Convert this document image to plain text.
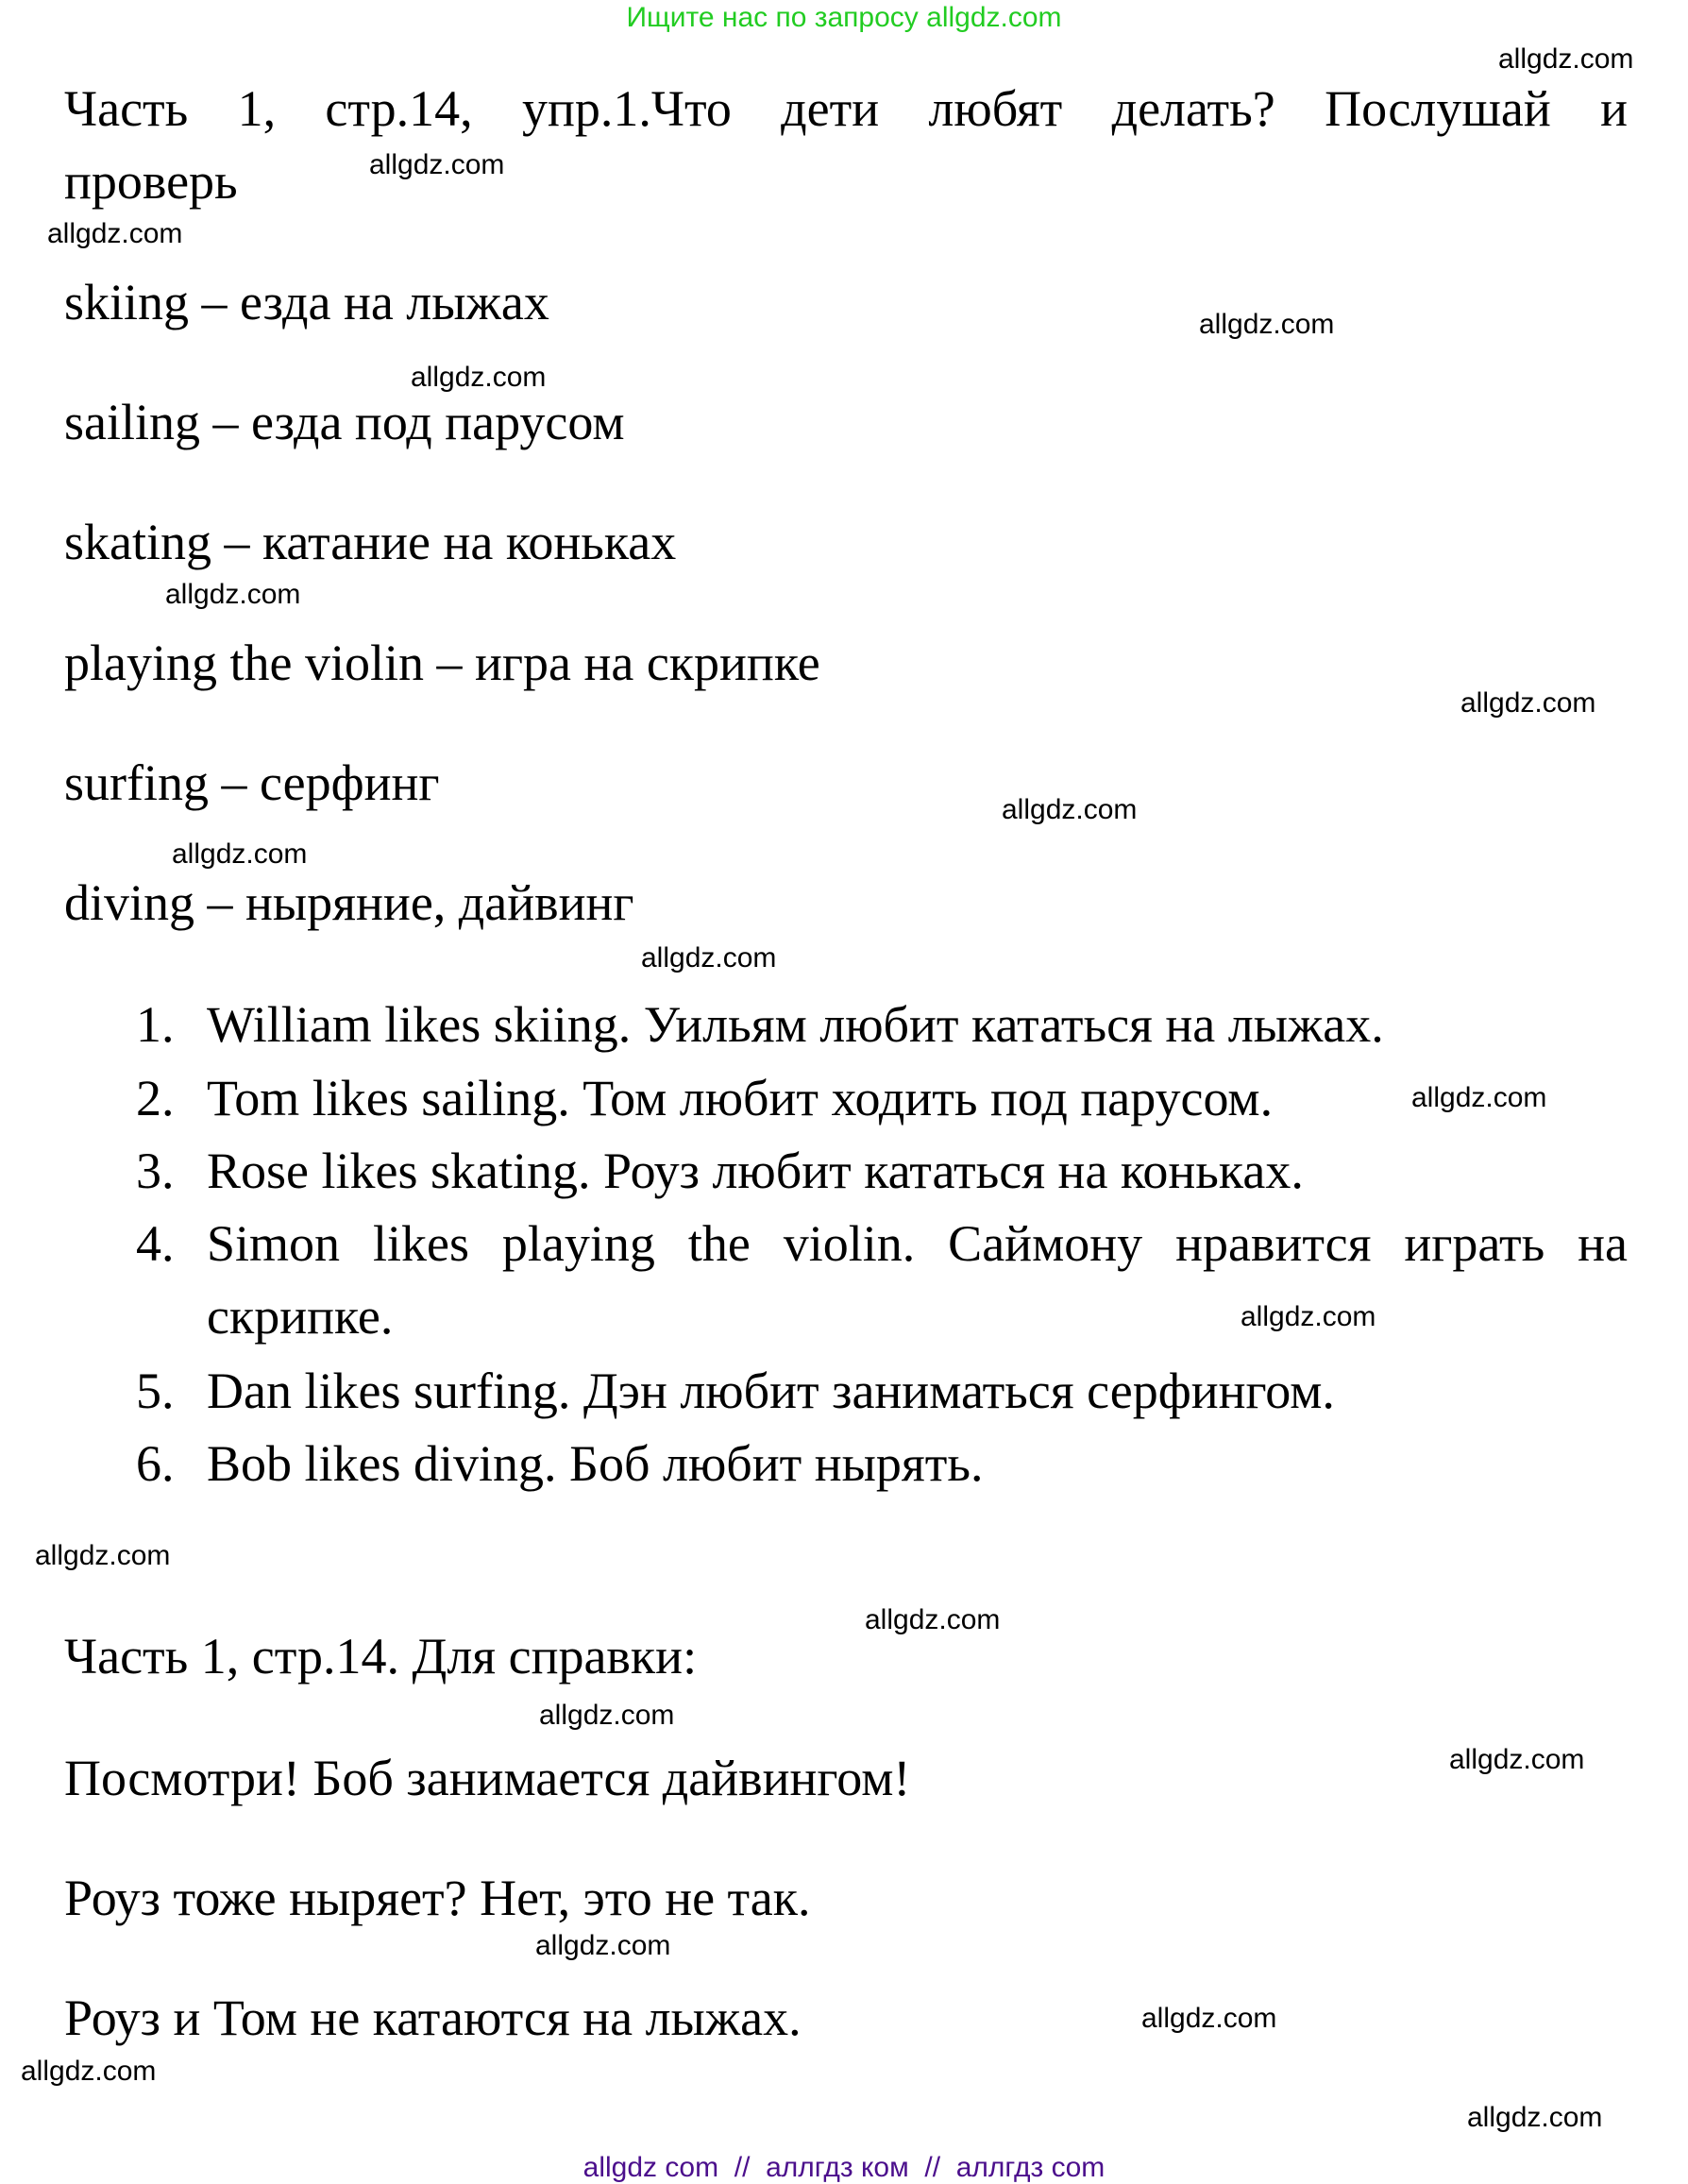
Ищите нас по запросу allgdz.com
Часть 1, стр.14, упр.1.Что дети любят делать? Послушай и
проверь
skiing – езда на лыжах
sailing – езда под парусом
skating – катание на коньках
playing the violin – игра на скрипке
surfing – серфинг
diving – ныряние, дайвинг
1. William likes skiing. Уильям любит кататься на лыжах.
2. Tom likes sailing. Том любит ходить под парусом.
3. Rose likes skating. Роуз любит кататься на коньках.
4. Simon likes playing the violin. Саймону нравится играть на
скрипке.
5. Dan likes surfing. Дэн любит заниматься серфингом.
6. Bob likes diving. Боб любит нырять.
Часть 1, стр.14. Для справки:
Посмотри! Боб занимается дайвингом!
Роуз тоже ныряет? Нет, это не так.
Роуз и Том не катаются на лыжах.
allgdz.com
allgdz.com
allgdz.com
allgdz.com
allgdz.com
allgdz.com
allgdz.com
allgdz.com
allgdz.com
allgdz.com
allgdz.com
allgdz.com
allgdz.com
allgdz.com
allgdz.com
allgdz.com
allgdz.com
allgdz.com
allgdz.com
allgdz.com
allgdz com  //  аллгдз ком  //  аллгдз com
